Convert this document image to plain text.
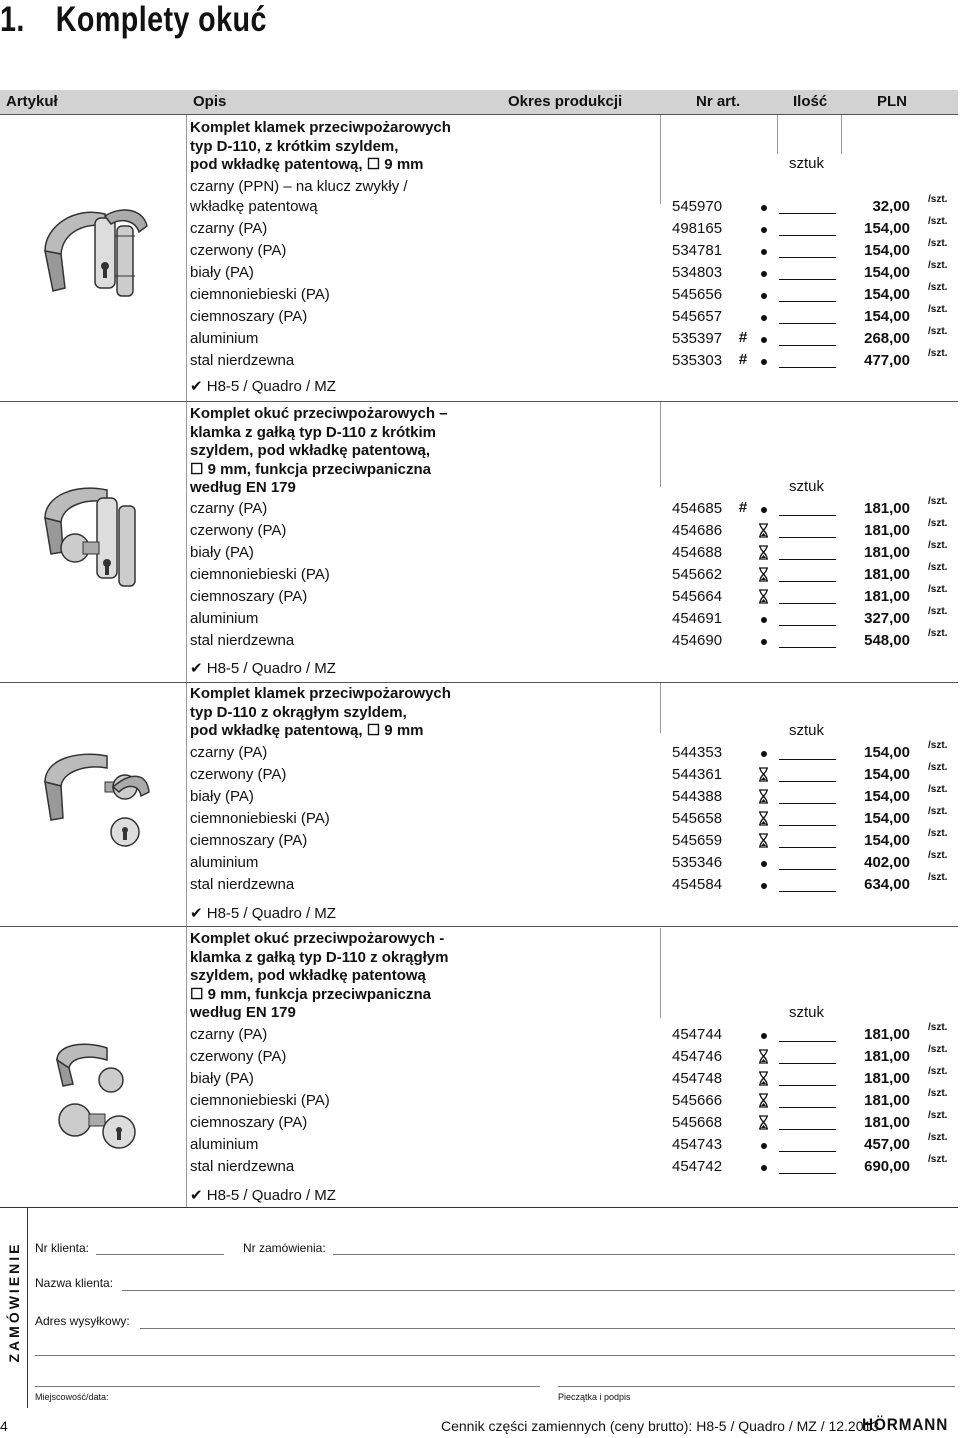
1. Komplety okuć
Artykuł	Opis	Okres produkcji	Nr art.	Ilość	PLN
Komplet klamek przeciwpożarowych
typ D-110, z krótkim szyldem,
pod wkładkę patentową, ☐ 9 mm	sztuk
czarny (PPN) – na klucz zwykły /
wkładkę patentową	545970	32,00 /szt.
czarny (PA)	498165	154,00 /szt.
czerwony (PA)	534781	154,00 /szt.
biały (PA)	534803	154,00 /szt.
ciemnoniebieski (PA)	545656	154,00 /szt.
ciemnoszary (PA)	545657	154,00 /szt.
aluminium	535397 #	268,00 /szt.
stal nierdzewna	535303 #	477,00 /szt.
✔ H8-5 / Quadro / MZ
Komplet okuć przeciwpożarowych –
klamka z gałką typ D-110 z krótkim
szyldem, pod wkładkę patentową,
☐ 9 mm, funkcja przeciwpaniczna
według EN 179	sztuk
czarny (PA)	454685 #	181,00 /szt.
czerwony (PA)	454686	181,00 /szt.
biały (PA)	454688	181,00 /szt.
ciemnoniebieski (PA)	545662	181,00 /szt.
ciemnoszary (PA)	545664	181,00 /szt.
aluminium	454691	327,00 /szt.
stal nierdzewna	454690	548,00 /szt.
✔ H8-5 / Quadro / MZ
Komplet klamek przeciwpożarowych
typ D-110 z okrągłym szyldem,
pod wkładkę patentową, ☐ 9 mm	sztuk
czarny (PA)	544353	154,00 /szt.
czerwony (PA)	544361	154,00 /szt.
biały (PA)	544388	154,00 /szt.
ciemnoniebieski (PA)	545658	154,00 /szt.
ciemnoszary (PA)	545659	154,00 /szt.
aluminium	535346	402,00 /szt.
stal nierdzewna	454584	634,00 /szt.
✔ H8-5 / Quadro / MZ
Komplet okuć przeciwpożarowych -
klamka z gałką typ D-110 z okrągłym
szyldem, pod wkładkę patentową
☐ 9 mm, funkcja przeciwpaniczna
według EN 179	sztuk
czarny (PA)	454744	181,00 /szt.
czerwony (PA)	454746	181,00 /szt.
biały (PA)	454748	181,00 /szt.
ciemnoniebieski (PA)	545666	181,00 /szt.
ciemnoszary (PA)	545668	181,00 /szt.
aluminium	454743	457,00 /szt.
stal nierdzewna	454742	690,00 /szt.
✔ H8-5 / Quadro / MZ
ZAMÓWIENIE Nr klienta:	Nr zamówienia:
Nazwa klienta:
Adres wysyłkowy:
Miejscowość/data:	Pieczątka i podpis
4	Cennik części zamiennych (ceny brutto): H8-5 / Quadro / MZ / 12.2013
HÖRMANN
